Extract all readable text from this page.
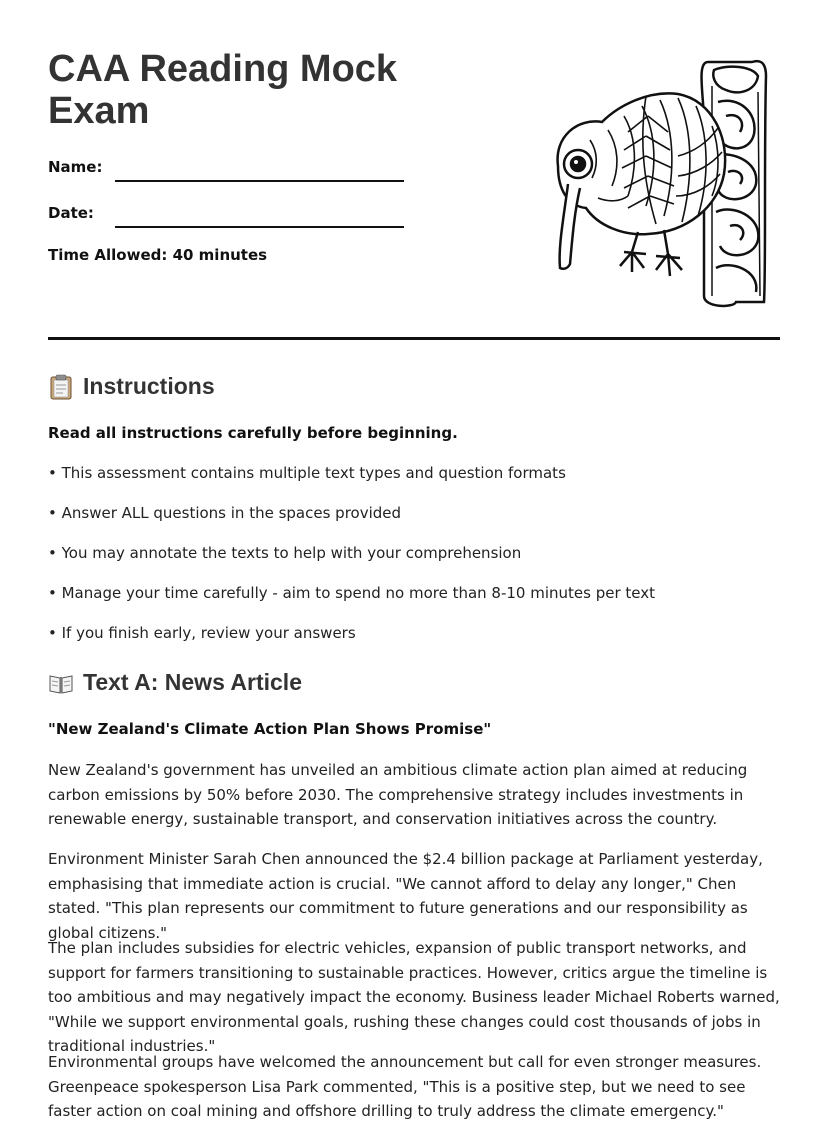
CAA Reading Mock
Exam
Name:
Date:
Time Allowed: 40 minutes
Instructions
Read all instructions carefully before beginning.
• This assessment contains multiple text types and question formats
• Answer ALL questions in the spaces provided
• You may annotate the texts to help with your comprehension
• Manage your time carefully - aim to spend no more than 8-10 minutes per text
• If you finish early, review your answers
Text A: News Article
"New Zealand's Climate Action Plan Shows Promise"
New Zealand's government has unveiled an ambitious climate action plan aimed at reducing carbon emissions by 50% before 2030. The comprehensive strategy includes investments in renewable energy, sustainable transport, and conservation initiatives across the country.
Environment Minister Sarah Chen announced the $2.4 billion package at Parliament yesterday, emphasising that immediate action is crucial. "We cannot afford to delay any longer," Chen stated. "This plan represents our commitment to future generations and our responsibility as global citizens."
The plan includes subsidies for electric vehicles, expansion of public transport networks, and support for farmers transitioning to sustainable practices. However, critics argue the timeline is too ambitious and may negatively impact the economy. Business leader Michael Roberts warned, "While we support environmental goals, rushing these changes could cost thousands of jobs in traditional industries."
Environmental groups have welcomed the announcement but call for even stronger measures. Greenpeace spokesperson Lisa Park commented, "This is a positive step, but we need to see faster action on coal mining and offshore drilling to truly address the climate emergency."
